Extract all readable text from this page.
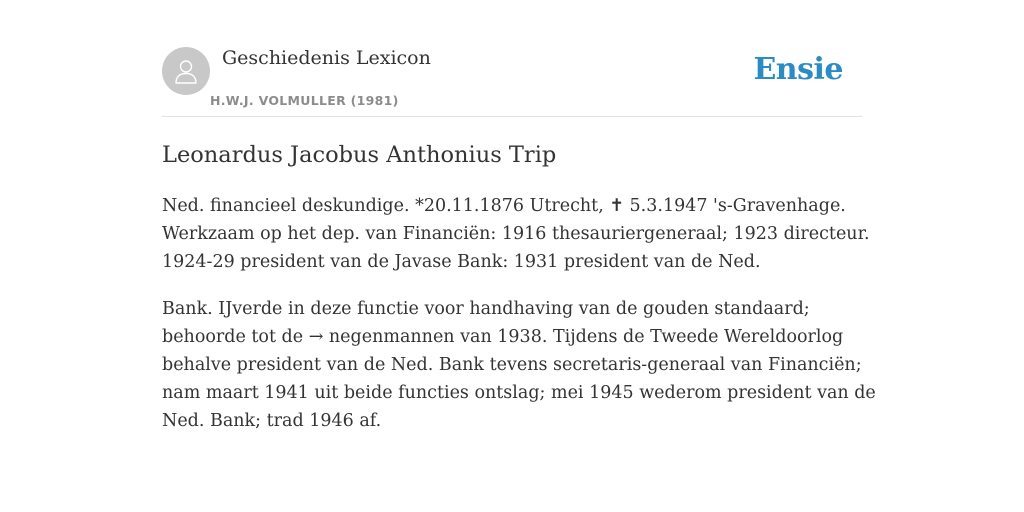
Geschiedenis Lexicon
H.W.J. VOLMULLER (1981)
Ensie
Leonardus Jacobus Anthonius Trip

Ned. financieel deskundige. *20.11.1876 Utrecht, ✝ 5.3.1947 's-Gravenhage.
Werkzaam op het dep. van Financiën: 1916 thesauriergeneraal; 1923 directeur.
1924-29 president van de Javase Bank: 1931 president van de Ned.

Bank. IJverde in deze functie voor handhaving van de gouden standaard;
behoorde tot de → negenmannen van 1938. Tijdens de Tweede Wereldoorlog
behalve president van de Ned. Bank tevens secretaris-generaal van Financiën;
nam maart 1941 uit beide functies ontslag; mei 1945 wederom president van de
Ned. Bank; trad 1946 af.
